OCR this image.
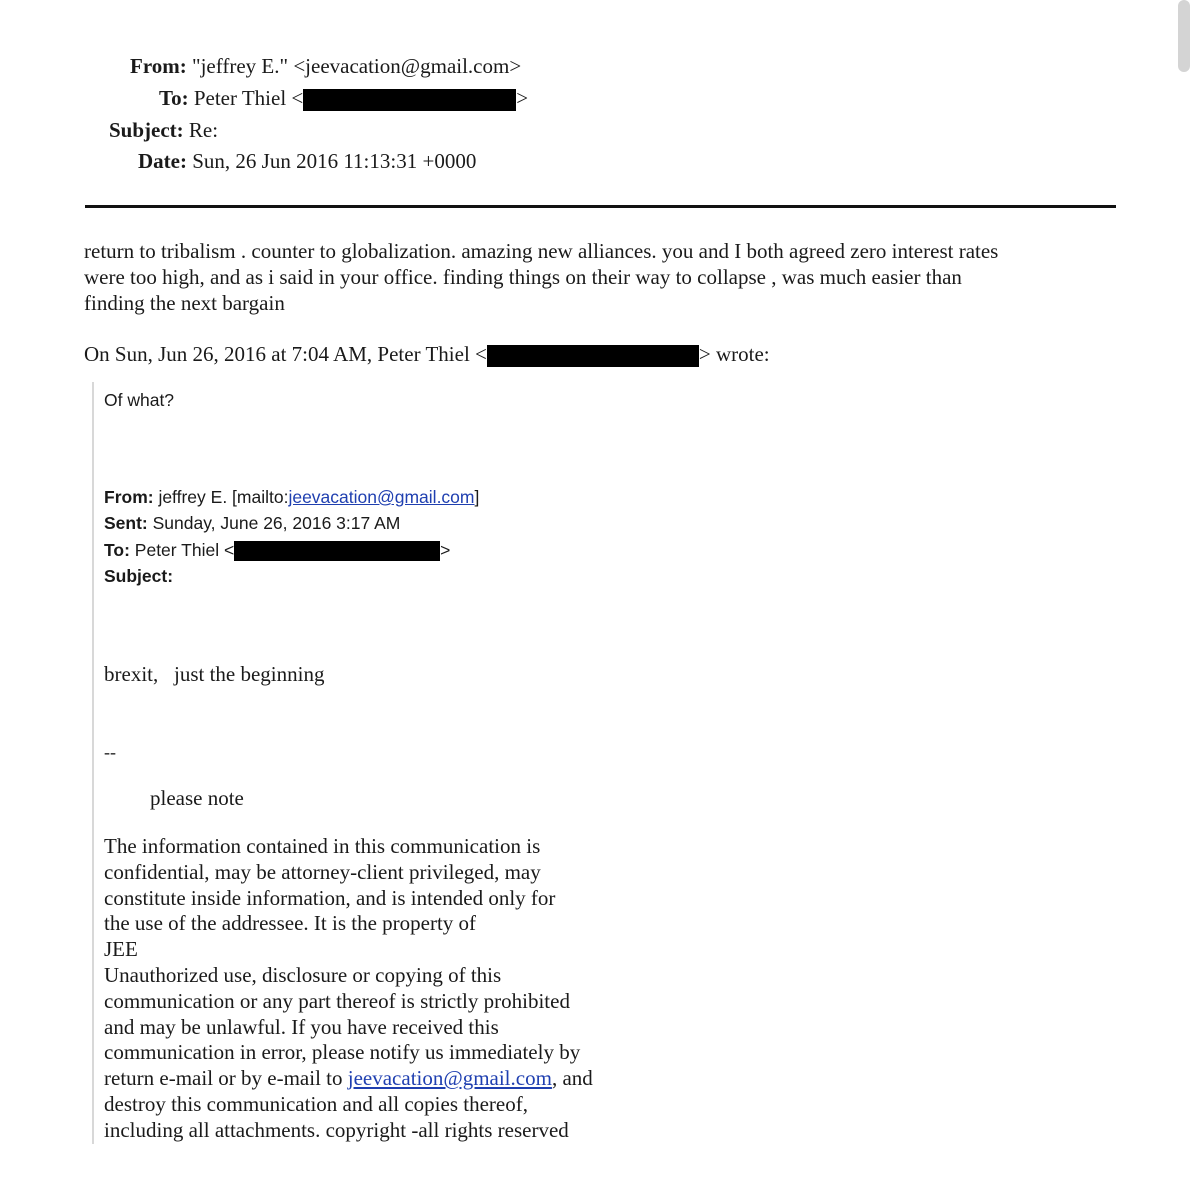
From: "jeffrey E." <jeevacation@gmail.com>
To: Peter Thiel <	>
Subject: Re:
Date: Sun, 26 Jun 2016 11:13:31 +0000
return to tribalism . counter to globalization. amazing new alliances. you and I both agreed zero interest rates
were too high, and as i said in your office. finding things on their way to collapse , was much easier than
finding the next bargain
On Sun, Jun 26, 2016 at 7:04 AM, Peter Thiel <	> wrote:
Of what?
From: jeffrey E. [mailto:jeevacation@gmail.com]
Sent: Sunday, June 26, 2016 3:17 AM
To: Peter Thiel <	>
Subject:
brexit,   just the beginning
--
please note
The information contained in this communication is
confidential, may be attorney-client privileged, may
constitute inside information, and is intended only for
the use of the addressee. It is the property of
JEE
Unauthorized use, disclosure or copying of this
communication or any part thereof is strictly prohibited
and may be unlawful. If you have received this
communication in error, please notify us immediately by
return e-mail or by e-mail to jeevacation@gmail.com, and
destroy this communication and all copies thereof,
including all attachments. copyright -all rights reserved
